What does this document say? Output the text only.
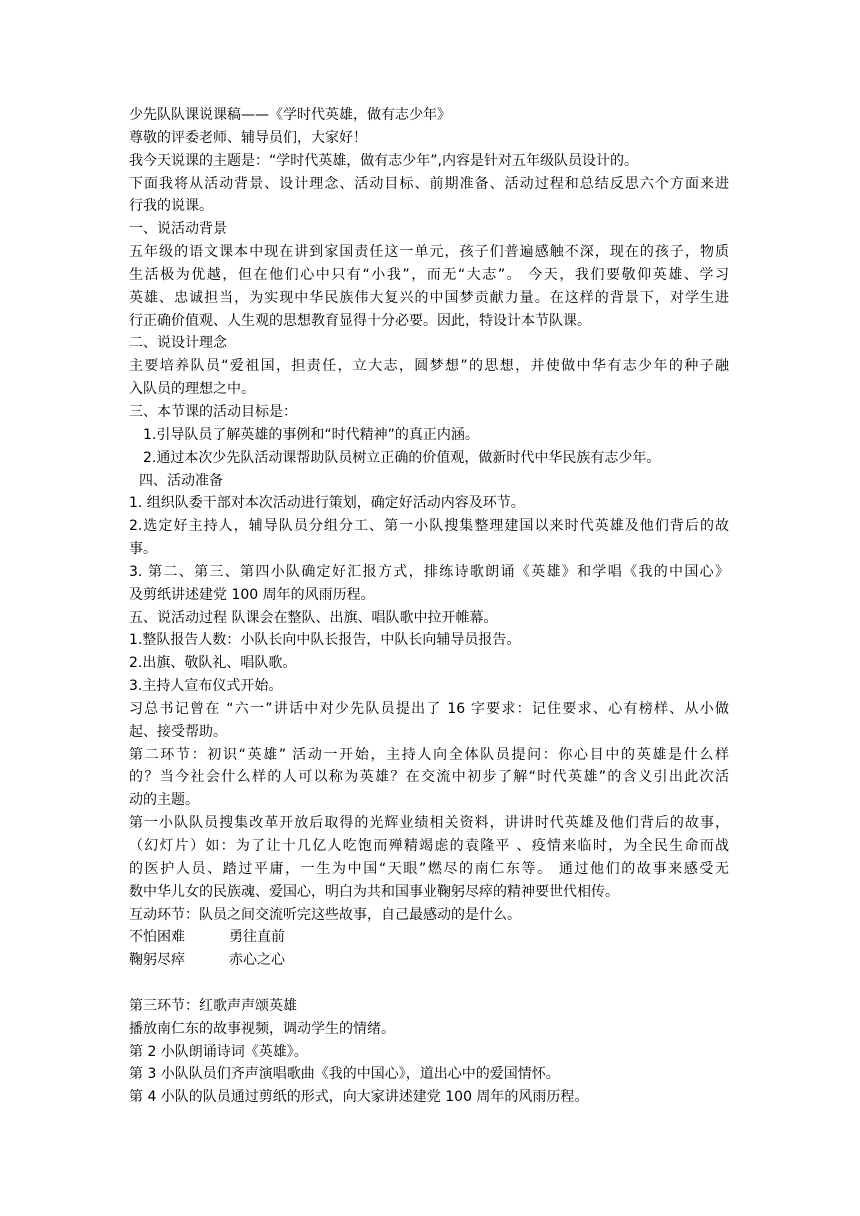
少先队队课说课稿——《学时代英雄，做有志少年》
尊敬的评委老师、辅导员们，大家好！
我今天说课的主题是：“学时代英雄，做有志少年”,内容是针对五年级队员设计的。
下面我将从活动背景、设计理念、活动目标、前期准备、活动过程和总结反思六个方面来进
行我的说课。
一、说活动背景
五年级的语文课本中现在讲到家国责任这一单元，孩子们普遍感触不深，现在的孩子，物质
生活极为优越，但在他们心中只有“小我”，而无“大志”。 今天，我们要敬仰英雄、学习
英雄、忠诚担当，为实现中华民族伟大复兴的中国梦贡献力量。在这样的背景下，对学生进
行正确价值观、人生观的思想教育显得十分必要。因此，特设计本节队课。
二、说设计理念
主要培养队员“爱祖国，担责任，立大志，圆梦想”的思想，并使做中华有志少年的种子融
入队员的理想之中。
三、本节课的活动目标是：
1.引导队员了解英雄的事例和“时代精神”的真正内涵。
2.通过本次少先队活动课帮助队员树立正确的价值观，做新时代中华民族有志少年。
四、活动准备
1. 组织队委干部对本次活动进行策划，确定好活动内容及环节。
2.选定好主持人，辅导队员分组分工、第一小队搜集整理建国以来时代英雄及他们背后的故
事。
3. 第二、第三、第四小队确定好汇报方式，排练诗歌朗诵《英雄》和学唱《我的中国心》
及剪纸讲述建党 100 周年的风雨历程。
五、说活动过程 队课会在整队、出旗、唱队歌中拉开帷幕。
1.整队报告人数：小队长向中队长报告，中队长向辅导员报告。
2.出旗、敬队礼、唱队歌。
3.主持人宣布仪式开始。
习总书记曾在 “六一”讲话中对少先队员提出了 16 字要求：记住要求、心有榜样、从小做
起、接受帮助。
第二环节：初识“英雄” 活动一开始，主持人向全体队员提问：你心目中的英雄是什么样
的？当今社会什么样的人可以称为英雄？在交流中初步了解“时代英雄”的含义引出此次活
动的主题。
第一小队队员搜集改革开放后取得的光辉业绩相关资料，讲讲时代英雄及他们背后的故事，
（幻灯片）如：为了让十几亿人吃饱而殚精竭虑的袁隆平 、疫情来临时，为全民生命而战
的医护人员、踏过平庸，一生为中国“天眼”燃尽的南仁东等。 通过他们的故事来感受无
数中华儿女的民族魂、爱国心，明白为共和国事业鞠躬尽瘁的精神要世代相传。
互动环节：队员之间交流听完这些故事，自己最感动的是什么。
不怕困难	勇往直前
鞠躬尽瘁	赤心之心
第三环节：红歌声声颂英雄
播放南仁东的故事视频，调动学生的情绪。
第 2 小队朗诵诗词《英雄》。
第 3 小队队员们齐声演唱歌曲《我的中国心》，道出心中的爱国情怀。
第 4 小队的队员通过剪纸的形式，向大家讲述建党 100 周年的风雨历程。
